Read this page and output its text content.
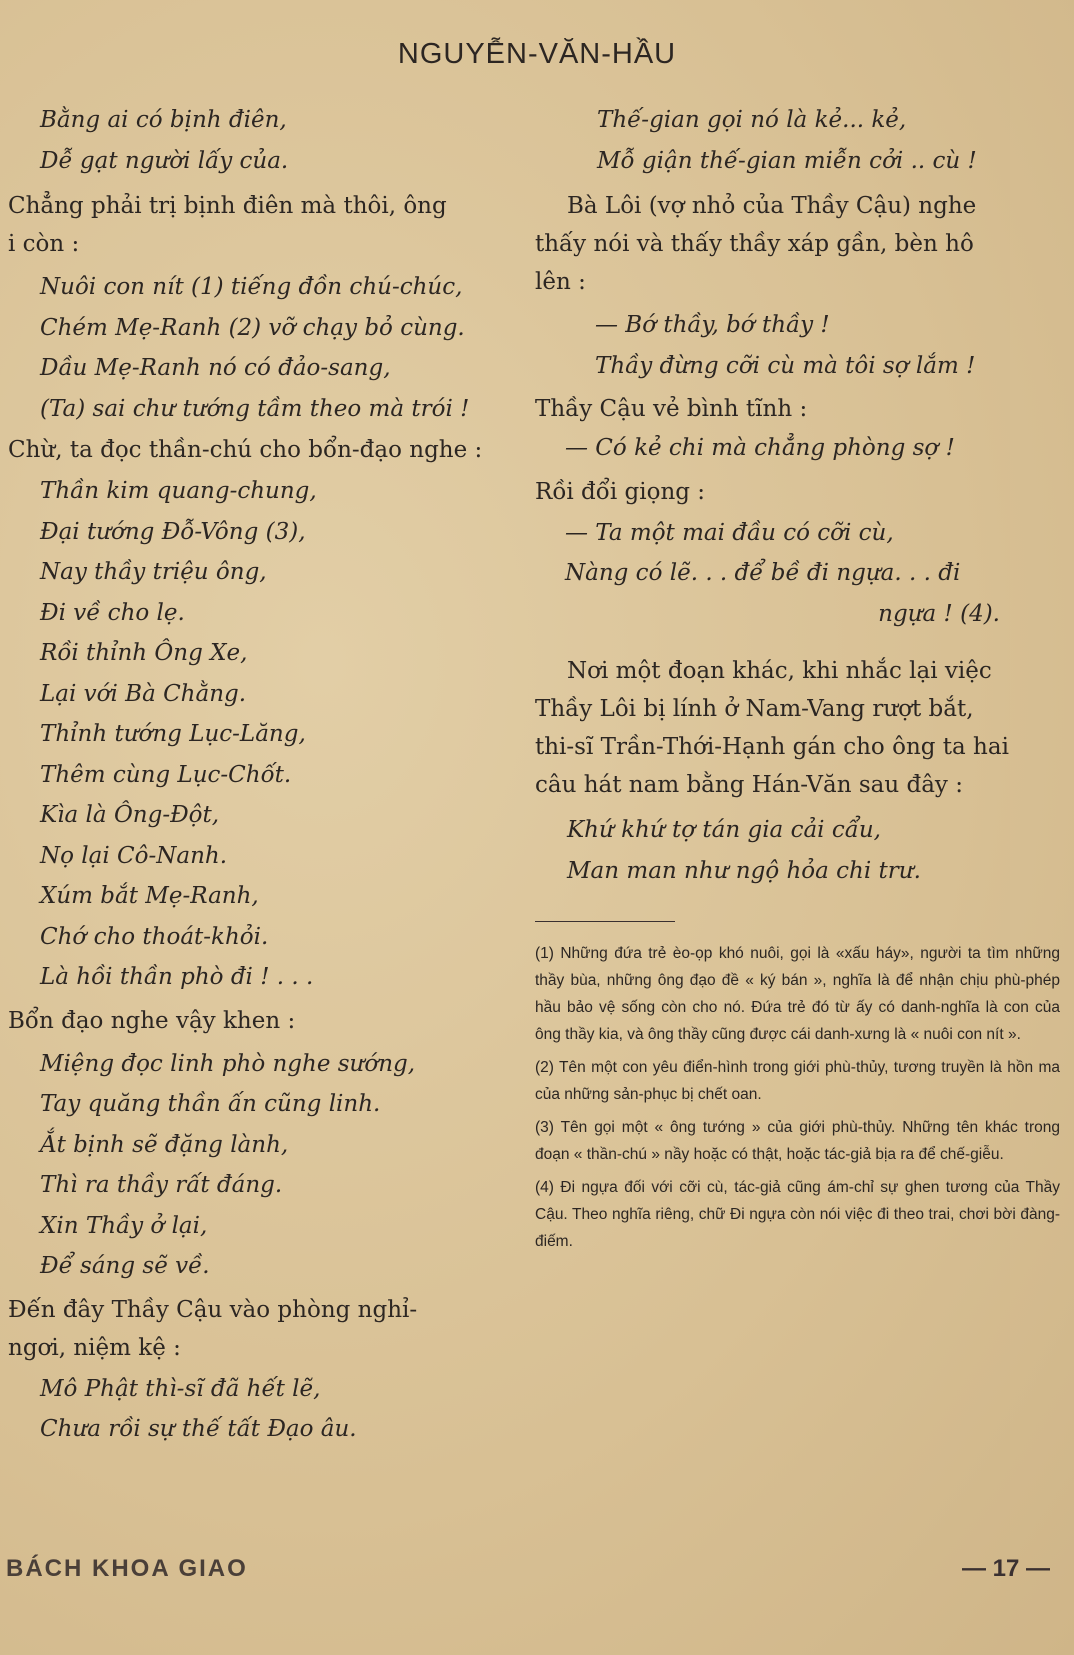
NGUYỄN-VĂN-HẦU
Bằng ai có bịnh điên,
Dễ gạt người lấy của.
Chẳng phải trị bịnh điên mà thôi, ông
i còn :
Nuôi con nít (1) tiếng đồn chú-chúc,
Chém Mẹ-Ranh (2) vỡ chạy bỏ cùng.
Dầu Mẹ-Ranh nó có đảo-sang,
(Ta) sai chư tướng tầm theo mà trói !
Chừ, ta đọc thần-chú cho bổn-đạo nghe :
Thần kim quang-chung,
Đại tướng Đỗ-Vông (3),
Nay thầy triệu ông,
Đi về cho lẹ.
Rồi thỉnh Ông Xe,
Lại với Bà Chằng.
Thỉnh tướng Lục-Lăng,
Thêm cùng Lục-Chốt.
Kìa là Ông-Đột,
Nọ lại Cô-Nanh.
Xúm bắt Mẹ-Ranh,
Chớ cho thoát-khỏi.
Là hồi thần phò đi ! . . .
Bổn đạo nghe vậy khen :
Miệng đọc linh phò nghe sướng,
Tay quăng thần ấn cũng linh.
Ắt bịnh sẽ đặng lành,
Thì ra thầy rất đáng.
Xin Thầy ở lại,
Để sáng sẽ về.
Đến đây Thầy Cậu vào phòng nghỉ-
ngơi, niệm kệ :
Mô Phật thì-sĩ đã hết lẽ,
Chưa rồi sự thế tất Đạo âu.
Thế-gian gọi nó là kẻ... kẻ,
Mỗ giận thế-gian miễn cởi .. cù !
Bà Lôi (vợ nhỏ của Thầy Cậu) nghe
thấy nói và thấy thầy xáp gần, bèn hô
lên :
— Bớ thầy, bớ thầy !
Thầy đừng cỡi cù mà tôi sợ lắm !
Thầy Cậu vẻ bình tĩnh :
— Có kẻ chi mà chẳng phòng sợ !
Rồi đổi giọng :
— Ta một mai đầu có cỡi cù,
Nàng có lẽ. . . để bề đi ngựa. . . đi
ngựa ! (4).
Nơi một đoạn khác, khi nhắc lại việc
Thầy Lôi bị lính ở Nam-Vang rượt bắt,
thi-sĩ Trần-Thới-Hạnh gán cho ông ta hai
câu hát nam bằng Hán-Văn sau đây :
Khứ khứ tợ tán gia cải cẩu,
Man man như ngộ hỏa chi trư.
(1) Những đứa trẻ èo-ọp khó nuôi, gọi là «xấu háy», người ta tìm những thầy bùa, những ông đạo đề « ký bán », nghĩa là để nhận chịu phù-phép hầu bảo vệ sống còn cho nó. Đứa trẻ đó từ ấy có danh-nghĩa là con của ông thầy kia, và ông thầy cũng được cái danh-xưng là « nuôi con nít ».
(2) Tên một con yêu điển-hình trong giới phù-thủy, tương truyền là hồn ma của những sản-phục bị chết oan.
(3) Tên gọi một « ông tướng » của giới phù-thủy. Những tên khác trong đoạn « thần-chú » nầy hoặc có thật, hoặc tác-giả bịa ra để chế-giễu.
(4) Đi ngựa đối với cỡi cù, tác-giả cũng ám-chỉ sự ghen tương của Thầy Cậu. Theo nghĩa riêng, chữ Đi ngựa còn nói việc đi theo trai, chơi bời đàng-điếm.
BÁCH KHOA GIAO	— 17 —
